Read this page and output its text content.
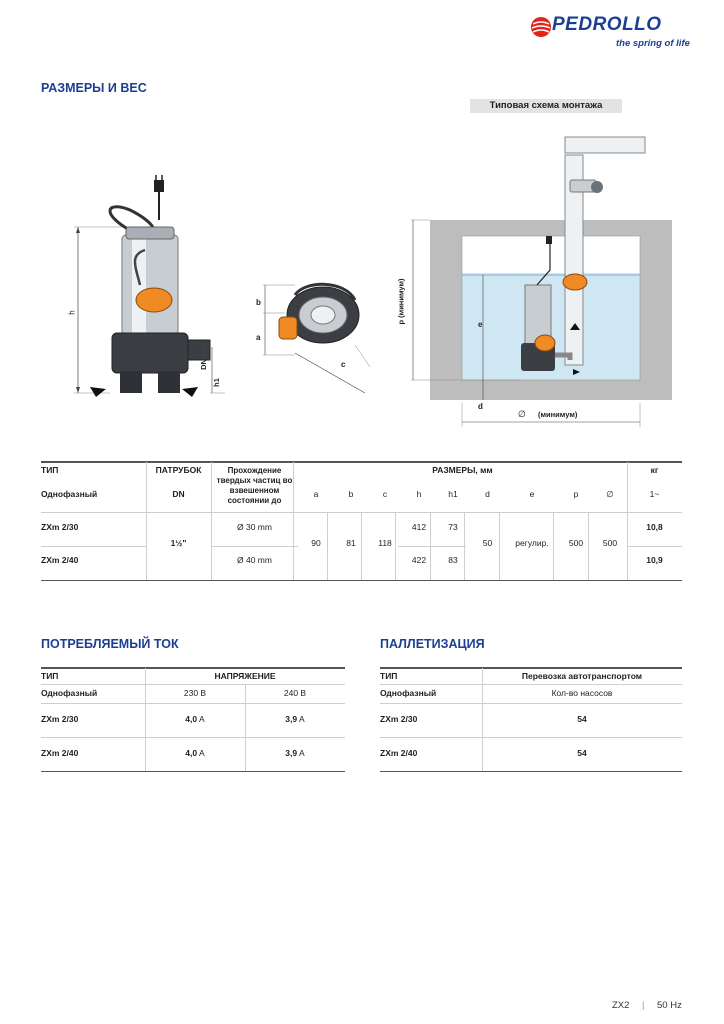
PEDROLLO
the spring of life
РАЗМЕРЫ И ВЕС
h
DN
h1
b
a
c
Типовая схема монтажа
p (минимум)	e
d
∅ (минимум)
ТИП	ПАТРУБОК	Прохождение твердых частиц во взвешенном состоянии до	РАЗМЕРЫ, мм									кг
Однофазный	DN		a	b	c	h	h1	d	e	p	∅	1~
ZXm 2/30	1½"	Ø 30 mm	90	81	118	412	73	50	регулир.	500	500	10,8
ZXm 2/40		Ø 40 mm				422	83					10,9
ПОТРЕБЛЯЕМЫЙ ТОК
ТИП	НАПРЯЖЕНИЕ	
Однофазный	230 В	240 В
ZXm 2/30	4,0 A	3,9 A
ZXm 2/40	4,0 A	3,9 A
ПАЛЛЕТИЗАЦИЯ
ТИП	Перевозка автотранспортом
Однофазный	Кол-во насосов
ZXm 2/30	54
ZXm 2/40	54
ZX2 | 50 Hz
